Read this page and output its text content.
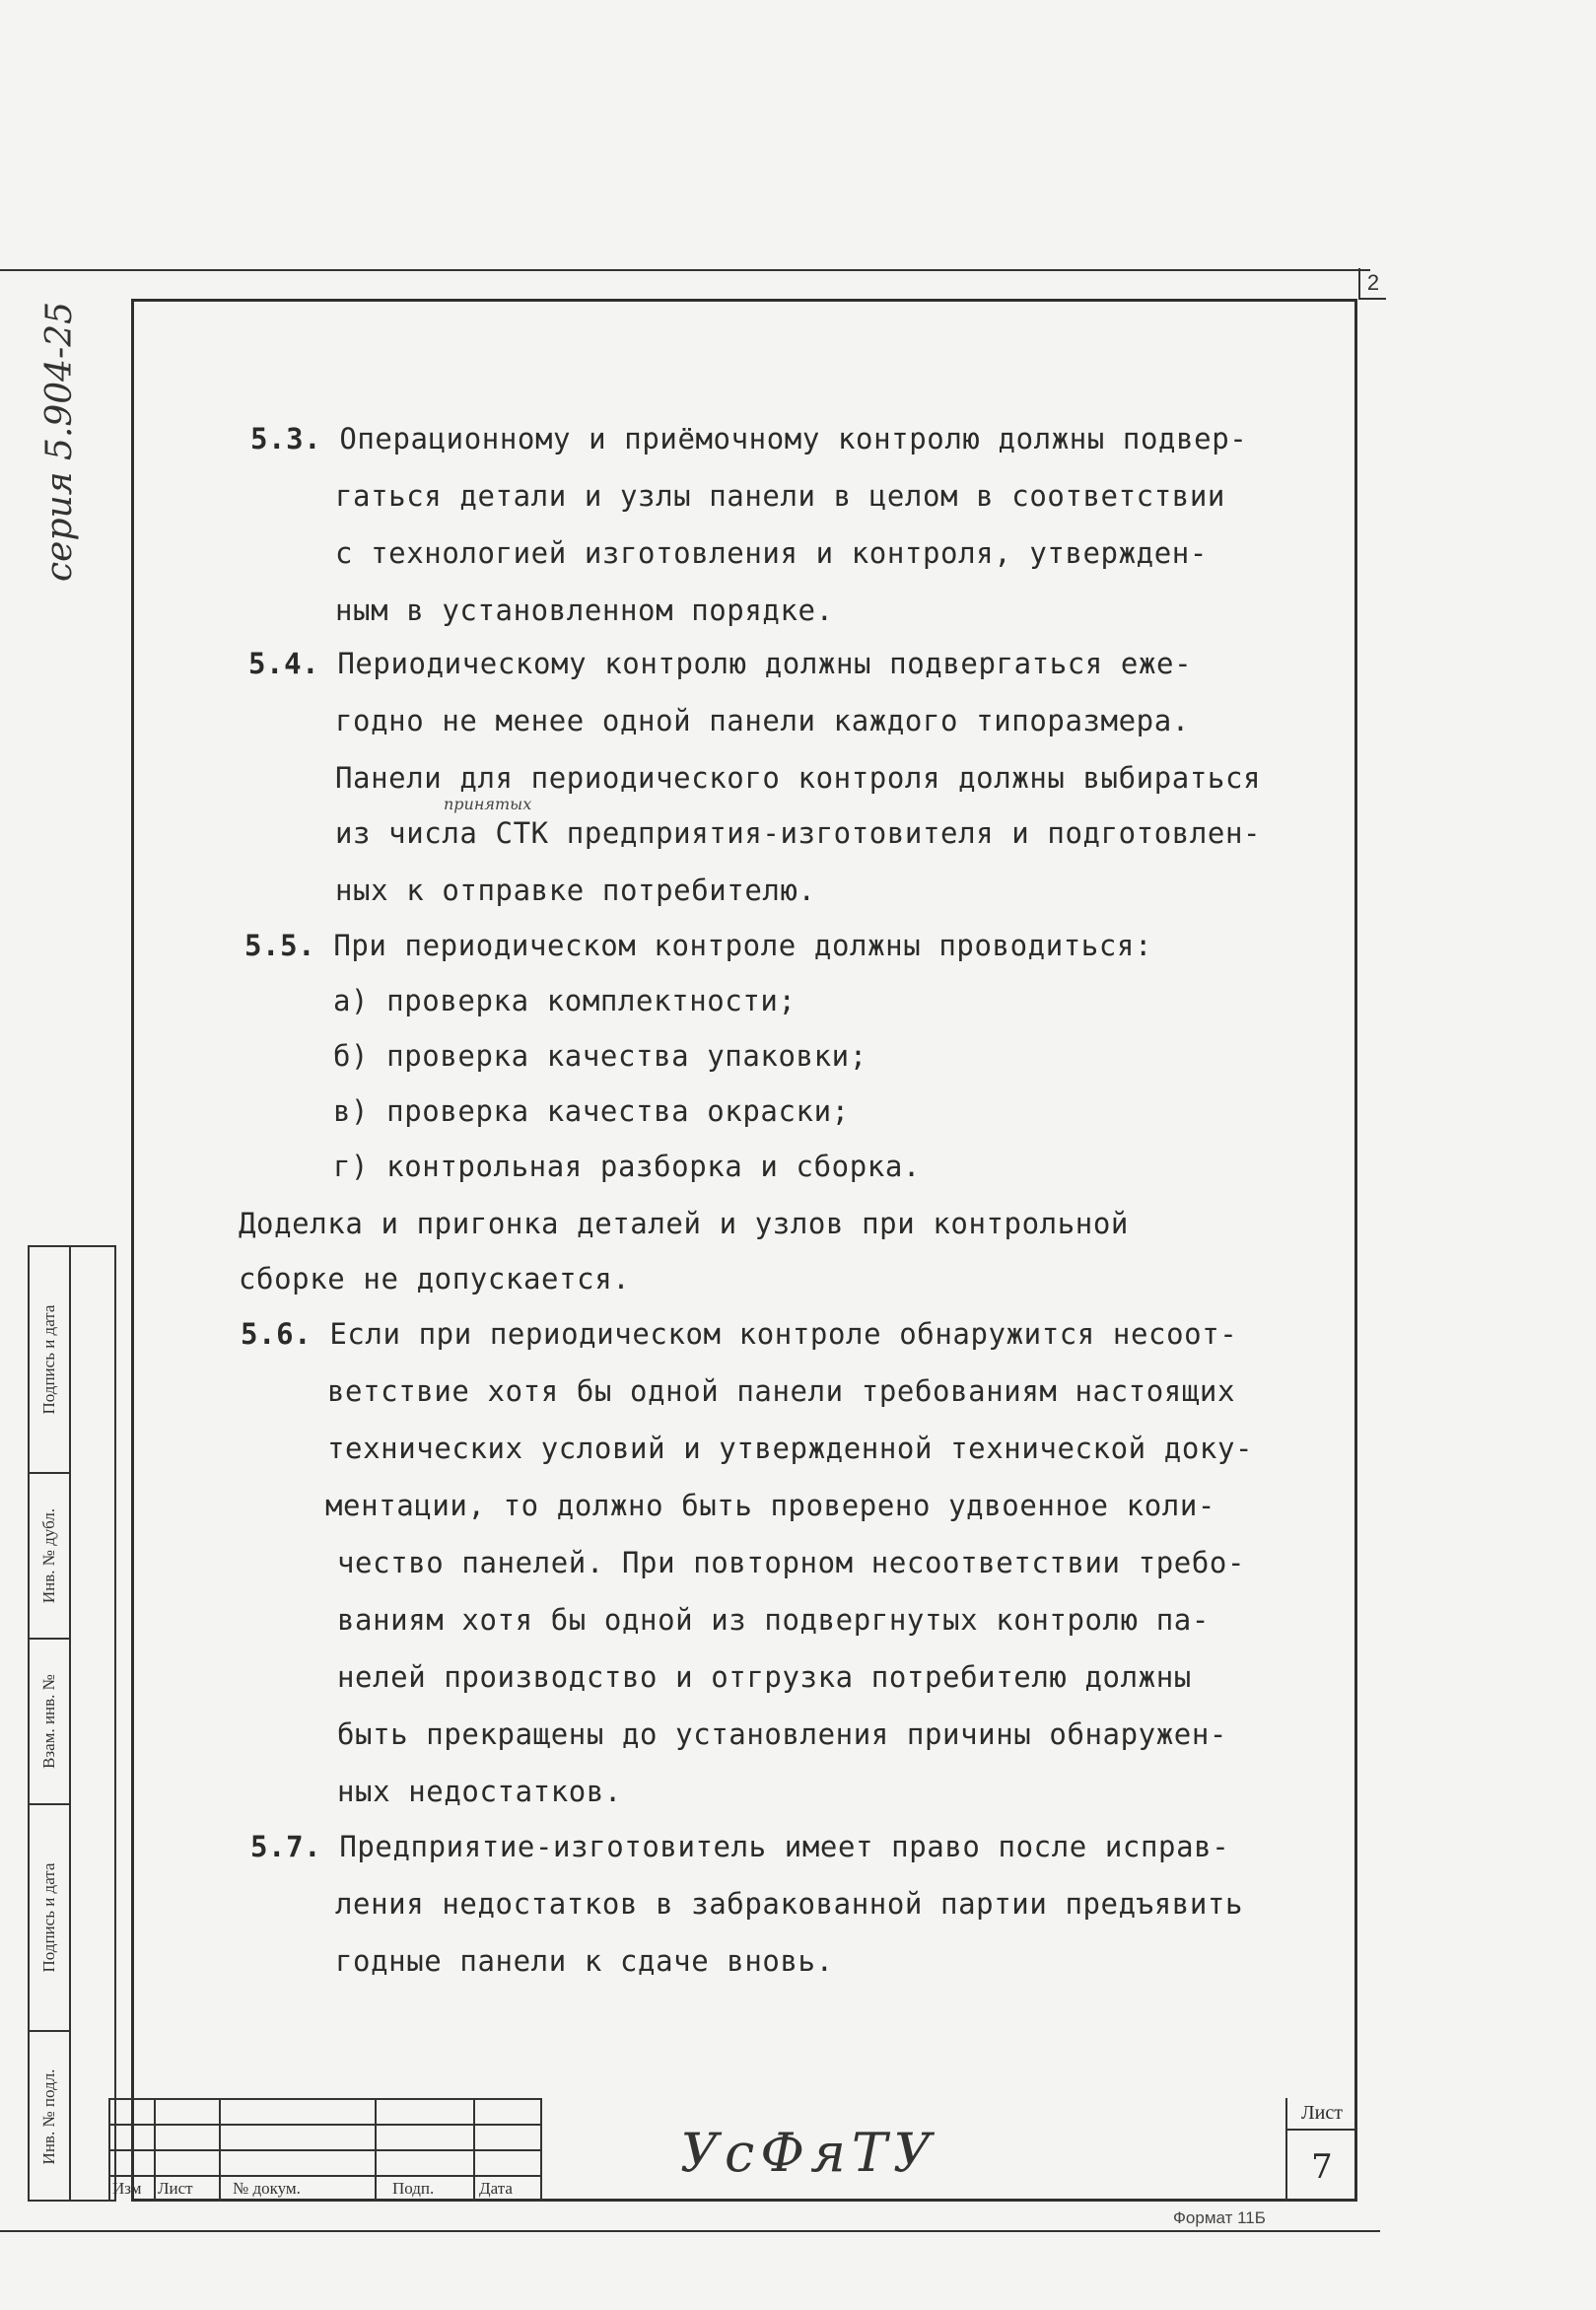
2
серия 5.904-25
Подпись и дата
Инв. № дубл.
Взам. инв. №
Подпись и дата
Инв. № подл.
5.3. Операционному и приёмочному контролю должны подвер-
гаться детали и узлы панели в целом в соответствии
с технологией изготовления и контроля, утвержден-
ным в установленном порядке.
5.4. Периодическому контролю должны подвергаться еже-
годно не менее одной панели каждого типоразмера.
Панели для периодического контроля должны выбираться
принятых
из числа СТК предприятия-изготовителя и подготовлен-
ных к отправке потребителю.
5.5. При периодическом контроле должны проводиться:
а) проверка комплектности;
б) проверка качества упаковки;
в) проверка качества окраски;
г) контрольная разборка и сборка.
Доделка и пригонка деталей и узлов при контрольной
сборке не допускается.
5.6. Если при периодическом контроле обнаружится несоот-
ветствие хотя бы одной панели требованиям настоящих
технических условий и утвержденной технической доку-
ментации, то должно быть проверено удвоенное коли-
чество панелей. При повторном несоответствии требо-
ваниям хотя бы одной из подвергнутых контролю па-
нелей производство и отгрузка потребителю должны
быть прекращены до установления причины обнаружен-
ных недостатков.
5.7. Предприятие-изготовитель имеет право после исправ-
ления недостатков в забракованной партии предъявить
годные панели к сдаче вновь.
Изм Лист № докум.	Подп.	Дата
УсФяТУ
Лист
7
Формат 11Б
